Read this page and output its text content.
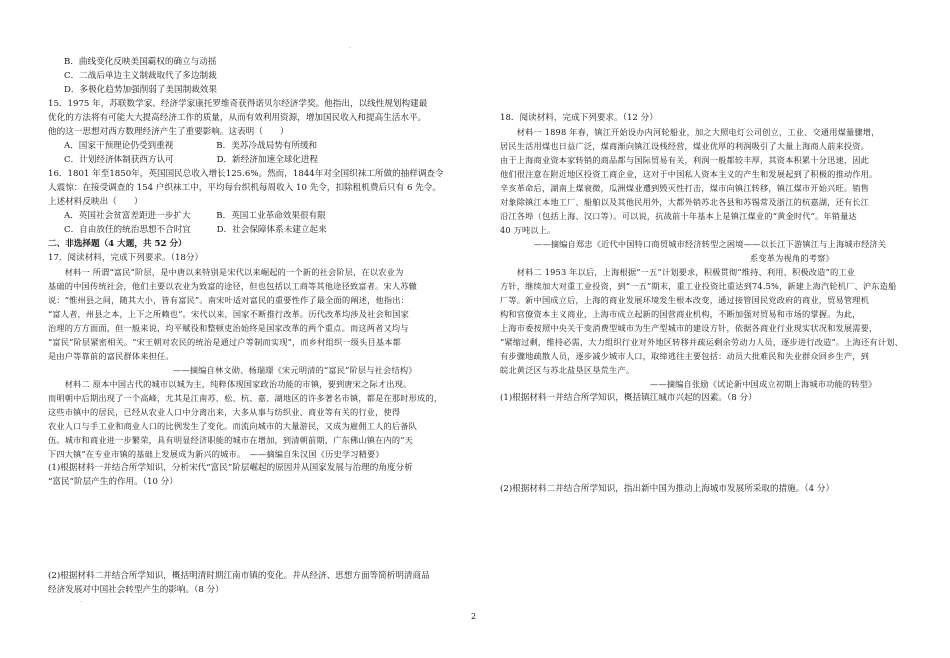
.
.
B．曲线变化反映美国霸权的确立与动摇
C．二战后单边主义制裁取代了多边制裁
D．多极化趋势加强削弱了美国制裁效果
15．1975 年，苏联数学家、经济学家康托罗维奇获得诺贝尔经济学奖。他指出，以线性规划构建最
优化的方法将有可能大大提高经济工作的质量，从而有效利用资源，增加国民收入和提高生活水平。
他的这一思想对西方数理经济产生了重要影响。这表明（　　）
A．国家干预理论仍受到重视　　　　　B．美苏冷战局势有所缓和
C．计划经济体制获西方认可　　　　　D．新经济加速全球化进程
16．1801 年至1850年，英国国民总收入增长125.6%。然而，1844年对全国织袜工所做的抽样调查令
人震惊：在接受调查的 154 户织袜工中，平均每台织机每周收入 10 先令，扣除租机费后只有 6 先令。
上述材料反映出（　　）
A．英国社会贫富差距进一步扩大　　　B．英国工业革命效果很有限
C．自由放任的统治思想不合时宜　　　D．社会保障体系未建立起来
二、非选择题（4 大题，共 52 分）
17．阅读材料，完成下列要求。（18分）
　　材料一 所谓“富民”阶层，是中唐以来特别是宋代以来崛起的一个新的社会阶层，在以农业为
基础的中国传统社会，他们主要以农业为致富的途径，但也包括以工商等其他途径致富者。宋人苏辙
说：“惟州县之间，随其大小，皆有富民”。南宋叶适对富民的重要性作了最全面的阐述，他指出：
“富人者，州县之本，上下之所赖也”。宋代以来，国家不断推行改革。历代改革均涉及社会和国家
治理的方方面面，但一般来说，均平赋役和整顿吏治始终是国家改革的两个重点。而这两者又均与
“富民”阶层紧密相关。“宋王朝对农民的统治是通过户等制而实现”，而乡村组织一级头目基本都
是由户等靠前的富民群体来担任。
——摘编自林文勋、杨瑞璟《宋元明清的“富民”阶层与社会结构》
　　材料二 原本中国古代的城市以城为主，纯粹体现国家政治功能的市镇，要到唐宋之际才出现。
而明朝中后期出现了一个高峰，尤其是江南苏、松、杭、嘉、湖地区的许多著名市镇，都是在那时形成的，
这些市镇中的居民，已经从农业人口中分离出来，大多从事与纺织业、商业等有关的行业，使得
农业人口与手工业和商业人口的比例发生了变化。而流向城市的大量游民，又成为雇佣工人的后备队
伍。城市和商业进一步繁荣，具有明显经济职能的城市在增加，到清朝前期，广东佛山镇在内的“天
下四大镇”在专业市镇的基础上发展成为新兴的城市。　——摘编自朱汉国《历史学习精要》
(1)根据材料一并结合所学知识，分析宋代“富民”阶层崛起的原因并从国家发展与治理的角度分析
“富民”阶层产生的作用。（10 分）
(2)根据材料二并结合所学知识，概括明清时期江南市镇的变化。并从经济、思想方面等简析明清商品
经济发展对中国社会转型产生的影响。（8 分）
18．阅读材料，完成下列要求。（12 分）
　　材料一 1898 年春，镇江开始设办内河轮船业，加之大照电灯公司创立，工业、交通用煤量骤增，
居民生活用煤也日益广泛，煤商渐向镇江设栈经营，煤业优厚的利润吸引了大量上海商人前来投资。
由于上海商业资本家转销的商品都与国际贸易有关，利润一般都较丰厚，其资本积累十分迅速，因此
他们很注意在附近地区投资工商企业，这对于中国私人资本主义的产生和发展起到了积极的推动作用。
辛亥革命后，湖南上煤衰微，瓜洲煤业遭到毁灭性打击，煤市向镇江转移，镇江煤市开始兴旺。销售
对象除镇江本地工厂、船舶以及其他民用外，大都外销苏北各县和苏锡常及浙江的杭嘉湖，还有长江
沿江各埠（包括上海、汉口等）。可以说，抗战前十年基本上是镇江煤业的“黄金时代”。年销量达
40 万吨以上。
——摘编自郑忠《近代中国特口商贸城市经济转型之困境——以长江下游镇江与上海城市经济关
系变革为视角的考察》
　　材料二 1953 年以后，上海根据“一五”计划要求，积极贯彻“维持、利用、积极改造”的工业
方针，继续加大对重工业投资，到“一五”期末，重工业投资比重达到74.5%，新建上海汽轮机厂、沪东造船
厂等。新中国成立后，上海的商业发展环境发生根本改变，通过接管国民党政府的商业，贸易管理机
构和官僚资本主义商业，上海市成立起新的国营商业机构，不断加强对贸易和市场的掌握。为此，
上海市委按照中央关于变消费型城市为生产型城市的建设方针，依据各商业行业现实状况和发展需要，
“紧缩过剩，维持必需，大力组织行业对外地区转移并疏运剩余劳动力人员，逐步进行改造”。上海还有计划、
有步骤地疏散人员，逐步减少城市人口，取缔逃往主要包括：动员大批难民和失业群众回乡生产，到
皖北黄泛区与苏北盐垦区垦荒生产。
——摘编自张励《试论新中国成立初期上海城市功能的转型》
(1)根据材料一并结合所学知识，概括镇江城市兴起的因素。（8 分）
(2)根据材料二并结合所学知识，指出新中国为推动上海城市发展所采取的措施。（4 分）
2
